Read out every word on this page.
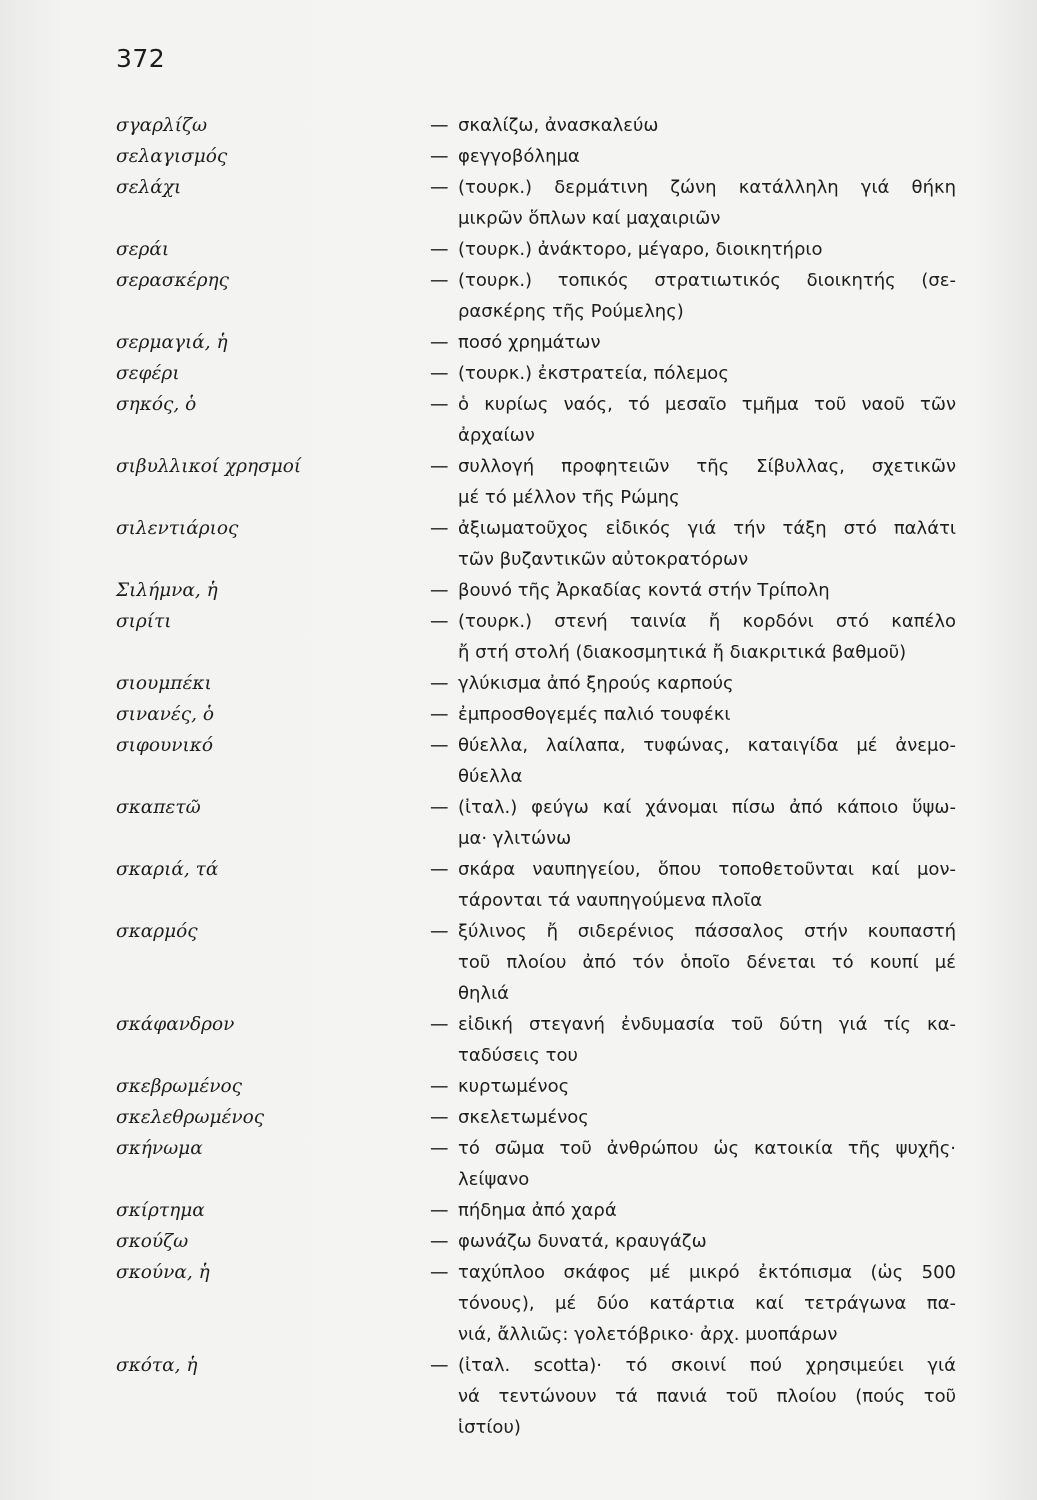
372
σγαρλίζω	— σκαλίζω, ἀνασκαλεύω
σελαγισμός	— φεγγοβόλημα
σελάχι	— (τουρκ.) δερμάτινη ζώνη κατάλληλη γιά θήκη
μικρῶν ὅπλων καί μαχαιριῶν
σεράι	— (τουρκ.) ἀνάκτορο, μέγαρο, διοικητήριο
σερασκέρης	— (τουρκ.) τοπικός στρατιωτικός διοικητής (σε-
ρασκέρης τῆς Ρούμελης)
σερμαγιά, ἡ	— ποσό χρημάτων
σεφέρι	— (τουρκ.) ἐκστρατεία, πόλεμος
σηκός, ὁ	— ὁ κυρίως ναός, τό μεσαῖο τμῆμα τοῦ ναοῦ τῶν
ἀρχαίων
σιβυλλικοί χρησμοί	— συλλογή προφητειῶν τῆς Σίβυλλας, σχετικῶν
μέ τό μέλλον τῆς Ρώμης
σιλεντιάριος	— ἀξιωματοῦχος εἰδικός γιά τήν τάξη στό παλάτι
τῶν βυζαντικῶν αὐτοκρατόρων
Σιλήμνα, ἡ	— βουνό τῆς Ἀρκαδίας κοντά στήν Τρίπολη
σιρίτι	— (τουρκ.) στενή ταινία ἤ κορδόνι στό καπέλο
ἤ στή στολή (διακοσμητικά ἤ διακριτικά βαθμοῦ)
σιουμπέκι	— γλύκισμα ἀπό ξηρούς καρπούς
σινανές, ὁ	— ἐμπροσθογεμές παλιό τουφέκι
σιφουνικό	— θύελλα, λαίλαπα, τυφώνας, καταιγίδα μέ ἀνεμο-
θύελλα
σκαπετῶ	— (ἰταλ.) φεύγω καί χάνομαι πίσω ἀπό κάποιο ὕψω-
μα· γλιτώνω
σκαριά, τά	— σκάρα ναυπηγείου, ὅπου τοποθετοῦνται καί μον-
τάρονται τά ναυπηγούμενα πλοῖα
σκαρμός	— ξύλινος ἤ σιδερένιος πάσσαλος στήν κουπαστή
τοῦ πλοίου ἀπό τόν ὁποῖο δένεται τό κουπί μέ
θηλιά
σκάφανδρον	— εἰδική στεγανή ἐνδυμασία τοῦ δύτη γιά τίς κα-
ταδύσεις του
σκεβρωμένος	— κυρτωμένος
σκελεθρωμένος	— σκελετωμένος
σκήνωμα	— τό σῶμα τοῦ ἀνθρώπου ὡς κατοικία τῆς ψυχῆς·
λείψανο
σκίρτημα	— πήδημα ἀπό χαρά
σκούζω	— φωνάζω δυνατά, κραυγάζω
σκούνα, ἡ	— ταχύπλοο σκάφος μέ μικρό ἐκτόπισμα (ὡς 500
τόνους), μέ δύο κατάρτια καί τετράγωνα πα-
νιά, ἄλλιῶς: γολετόβρικο· ἀρχ. μυοπάρων
σκότα, ἡ	— (ἰταλ. scotta)· τό σκοινί πού χρησιμεύει γιά
νά τεντώνουν τά πανιά τοῦ πλοίου (πούς τοῦ
ἱστίου)
